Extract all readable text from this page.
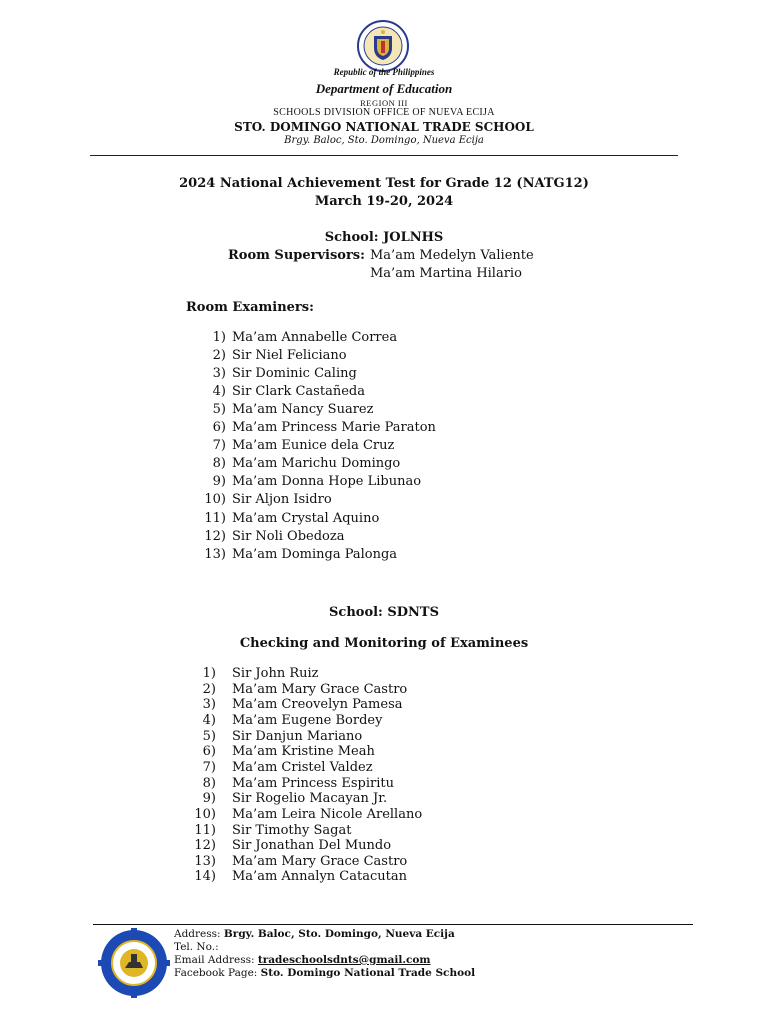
Republic of the Philippines
Department of Education
REGION III
SCHOOLS DIVISION OFFICE OF NUEVA ECIJA
STO. DOMINGO NATIONAL TRADE SCHOOL
Brgy. Baloc, Sto. Domingo, Nueva Ecija
2024 National Achievement Test for Grade 12 (NATG12)
March 19-20, 2024
School: JOLNHS
Room Supervisors: Ma’am Medelyn Valiente
Ma’am Martina Hilario
Room Examiners:
1) Ma’am Annabelle Correa
2) Sir Niel Feliciano
3) Sir Dominic Caling
4) Sir Clark Castañeda
5) Ma’am Nancy Suarez
6) Ma’am Princess Marie Paraton
7) Ma’am Eunice dela Cruz
8) Ma’am Marichu Domingo
9) Ma’am Donna Hope Libunao
10) Sir Aljon Isidro
11) Ma’am Crystal Aquino
12) Sir Noli Obedoza
13) Ma’am Dominga Palonga
School: SDNTS
Checking and Monitoring of Examinees
1) Sir John Ruiz
2) Ma’am Mary Grace Castro
3) Ma’am Creovelyn Pamesa
4) Ma’am Eugene Bordey
5) Sir Danjun Mariano
6) Ma’am Kristine Meah
7) Ma’am Cristel Valdez
8) Ma’am Princess Espiritu
9) Sir Rogelio Macayan Jr.
10) Ma’am Leira Nicole Arellano
11) Sir Timothy Sagat
12) Sir Jonathan Del Mundo
13) Ma’am Mary Grace Castro
14) Ma’am Annalyn Catacutan
Address: Brgy. Baloc, Sto. Domingo, Nueva Ecija
Tel. No.:
Email Address: tradeschoolsdnts@gmail.com
Facebook Page: Sto. Domingo National Trade School
